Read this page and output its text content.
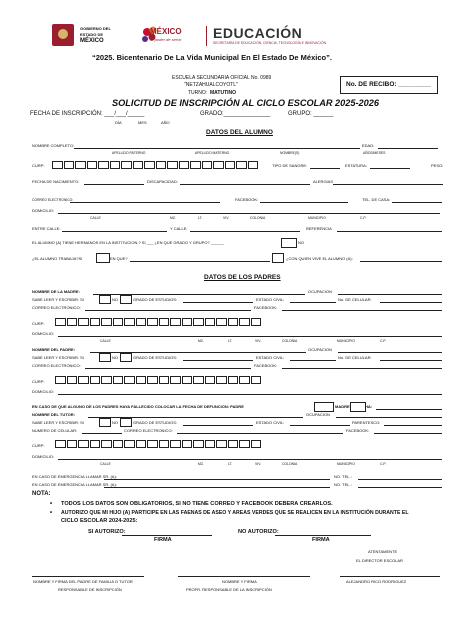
GOBIERNO DEL
ESTADO DE
MÉXICO
MÉXICO
El poder de servir EDUCACIÓN
SECRETARÍA DE EDUCACIÓN, CIENCIA, TECNOLOGÍA E INNOVACIÓN
“2025. Bicentenario De La Vida Municipal En El Estado De México”.
ESCUELA SECUNDARIA OFICIAL No. 0989
"NETZAHUALCOYOTL"
TURNO: MATUTINO
No. DE RECIBO: _________
SOLICITUD DE INSCRIPCIÓN AL CICLO ESCOLAR 2025-2026
FECHA DE INSCRIPCIÓN: ___/___/_____	GRADO:______________	GRUPO: ______
DÍA	MES	AÑO
DATOS DEL ALUMNO
NOMBRE COMPLETO:	EDAD:
APELLIDO PATERNO	APELLIDO MATERNO	NOMBRE(S)	AÑOS/MESES
CURP:	TIPO DE SANGRE:	ESTATURA:	PESO:
FECHA DE NACIMIENTO:	DISCAPACIDAD:	ALERGIAS
CORREO ELECTRONICO:	FACEBOOK:	TEL. DE CASA:
DOMICILIO:
CALLE	MZ.	LT.	VIV.	COLONIA	MUNICIPIO	C.P.
ENTRE CALLE:	Y CALLE:	REFERENCIA
EL ALUMNO (A) TIENE HERMANOS EN LA INSTITUCION ? SI ___ ¿EN QUE GRADO Y GRUPO? ______	NO
¿EL ALUMNO TRABAJA?SI	EN QUE?	¿CON QUIEN VIVE EL ALUMNO (A):
DATOS DE LOS PADRES
NOMBRE DE LA MADRE:	OCUPACION
SABE LEER Y ESCRIBIR: SI	NO	GRADO DE ESTUDIOS:	ESTADO CIVIL:	No. DE CELULAR:
CORREO ELECTRONICO:	FACEBOOK:
CURP:
DOMICILIO:
CALLE	MZ.	LT.	VIV.	COLONIA	MUNICIPIO	C.P.
NOMBRE DEL PADRE:	OCUPACION
SABE LEER Y ESCRIBIR: SI	NO	GRADO DE ESTUDIOS:	ESTADO CIVIL:	No. DE CELULAR:
CORREO ELECTRONICO:	FACEBOOK:
CURP:
DOMICILIO:
EN CASO DE QUE ALGUNO DE LOS PADRES HAYA FALLECIDO COLOCAR LA FECHA DE DEFUNCION: PADRE	MADRE	HA:
NOMBRE DEL TUTOR:	OCUPACION
SABE LEER Y ESCRIBIR: SI	NO	GRADO DE ESTUDIOS:	ESTADO CIVIL:	PARENTESCO:
NUMERO DE CELULAR:	CORREO ELECTRONICO:	FACEBOOK:
CURP:
DOMICILIO:
CALLE	MZ.	LT.	VIV.	COLONIA	MUNICIPIO	C.P.
EN CASO DE EMERGENCIA LLAMAR SR. (A):	NO. TEL.:
EN CASO DE EMERGENCIA LLAMAR SR. (A):	NO. TEL.:
NOTA:
• TODOS LOS DATOS SON OBLIGATORIOS, SI NO TIENE CORREO Y FACEBOOK DEBERA CREARLOS.
• AUTORIZO QUE MI HIJO (A) PARTICIPE EN LAS FAENAS DE ASEO Y AREAS VERDES QUE SE REALICEN EN LA INSTITUCIÓN DURANTE EL
CICLO ESCOLAR 2024-2025:
SI AUTORIZO:	NO AUTORIZO:
FIRMA	FIRMA
ATENTAMENTE
EL DIRECTOR ESCOLAR
NOMBRE Y FIRMA DEL PADRE DE FAMILIA O TUTOR
RESPONSABLE DE INSCRIPCIÓN
NOMBRE Y FIRMA
PROFR. RESPONSABLE DE LA INSCRIPCIÓN
ALEJANDRO RICO RODRIGUEZ
